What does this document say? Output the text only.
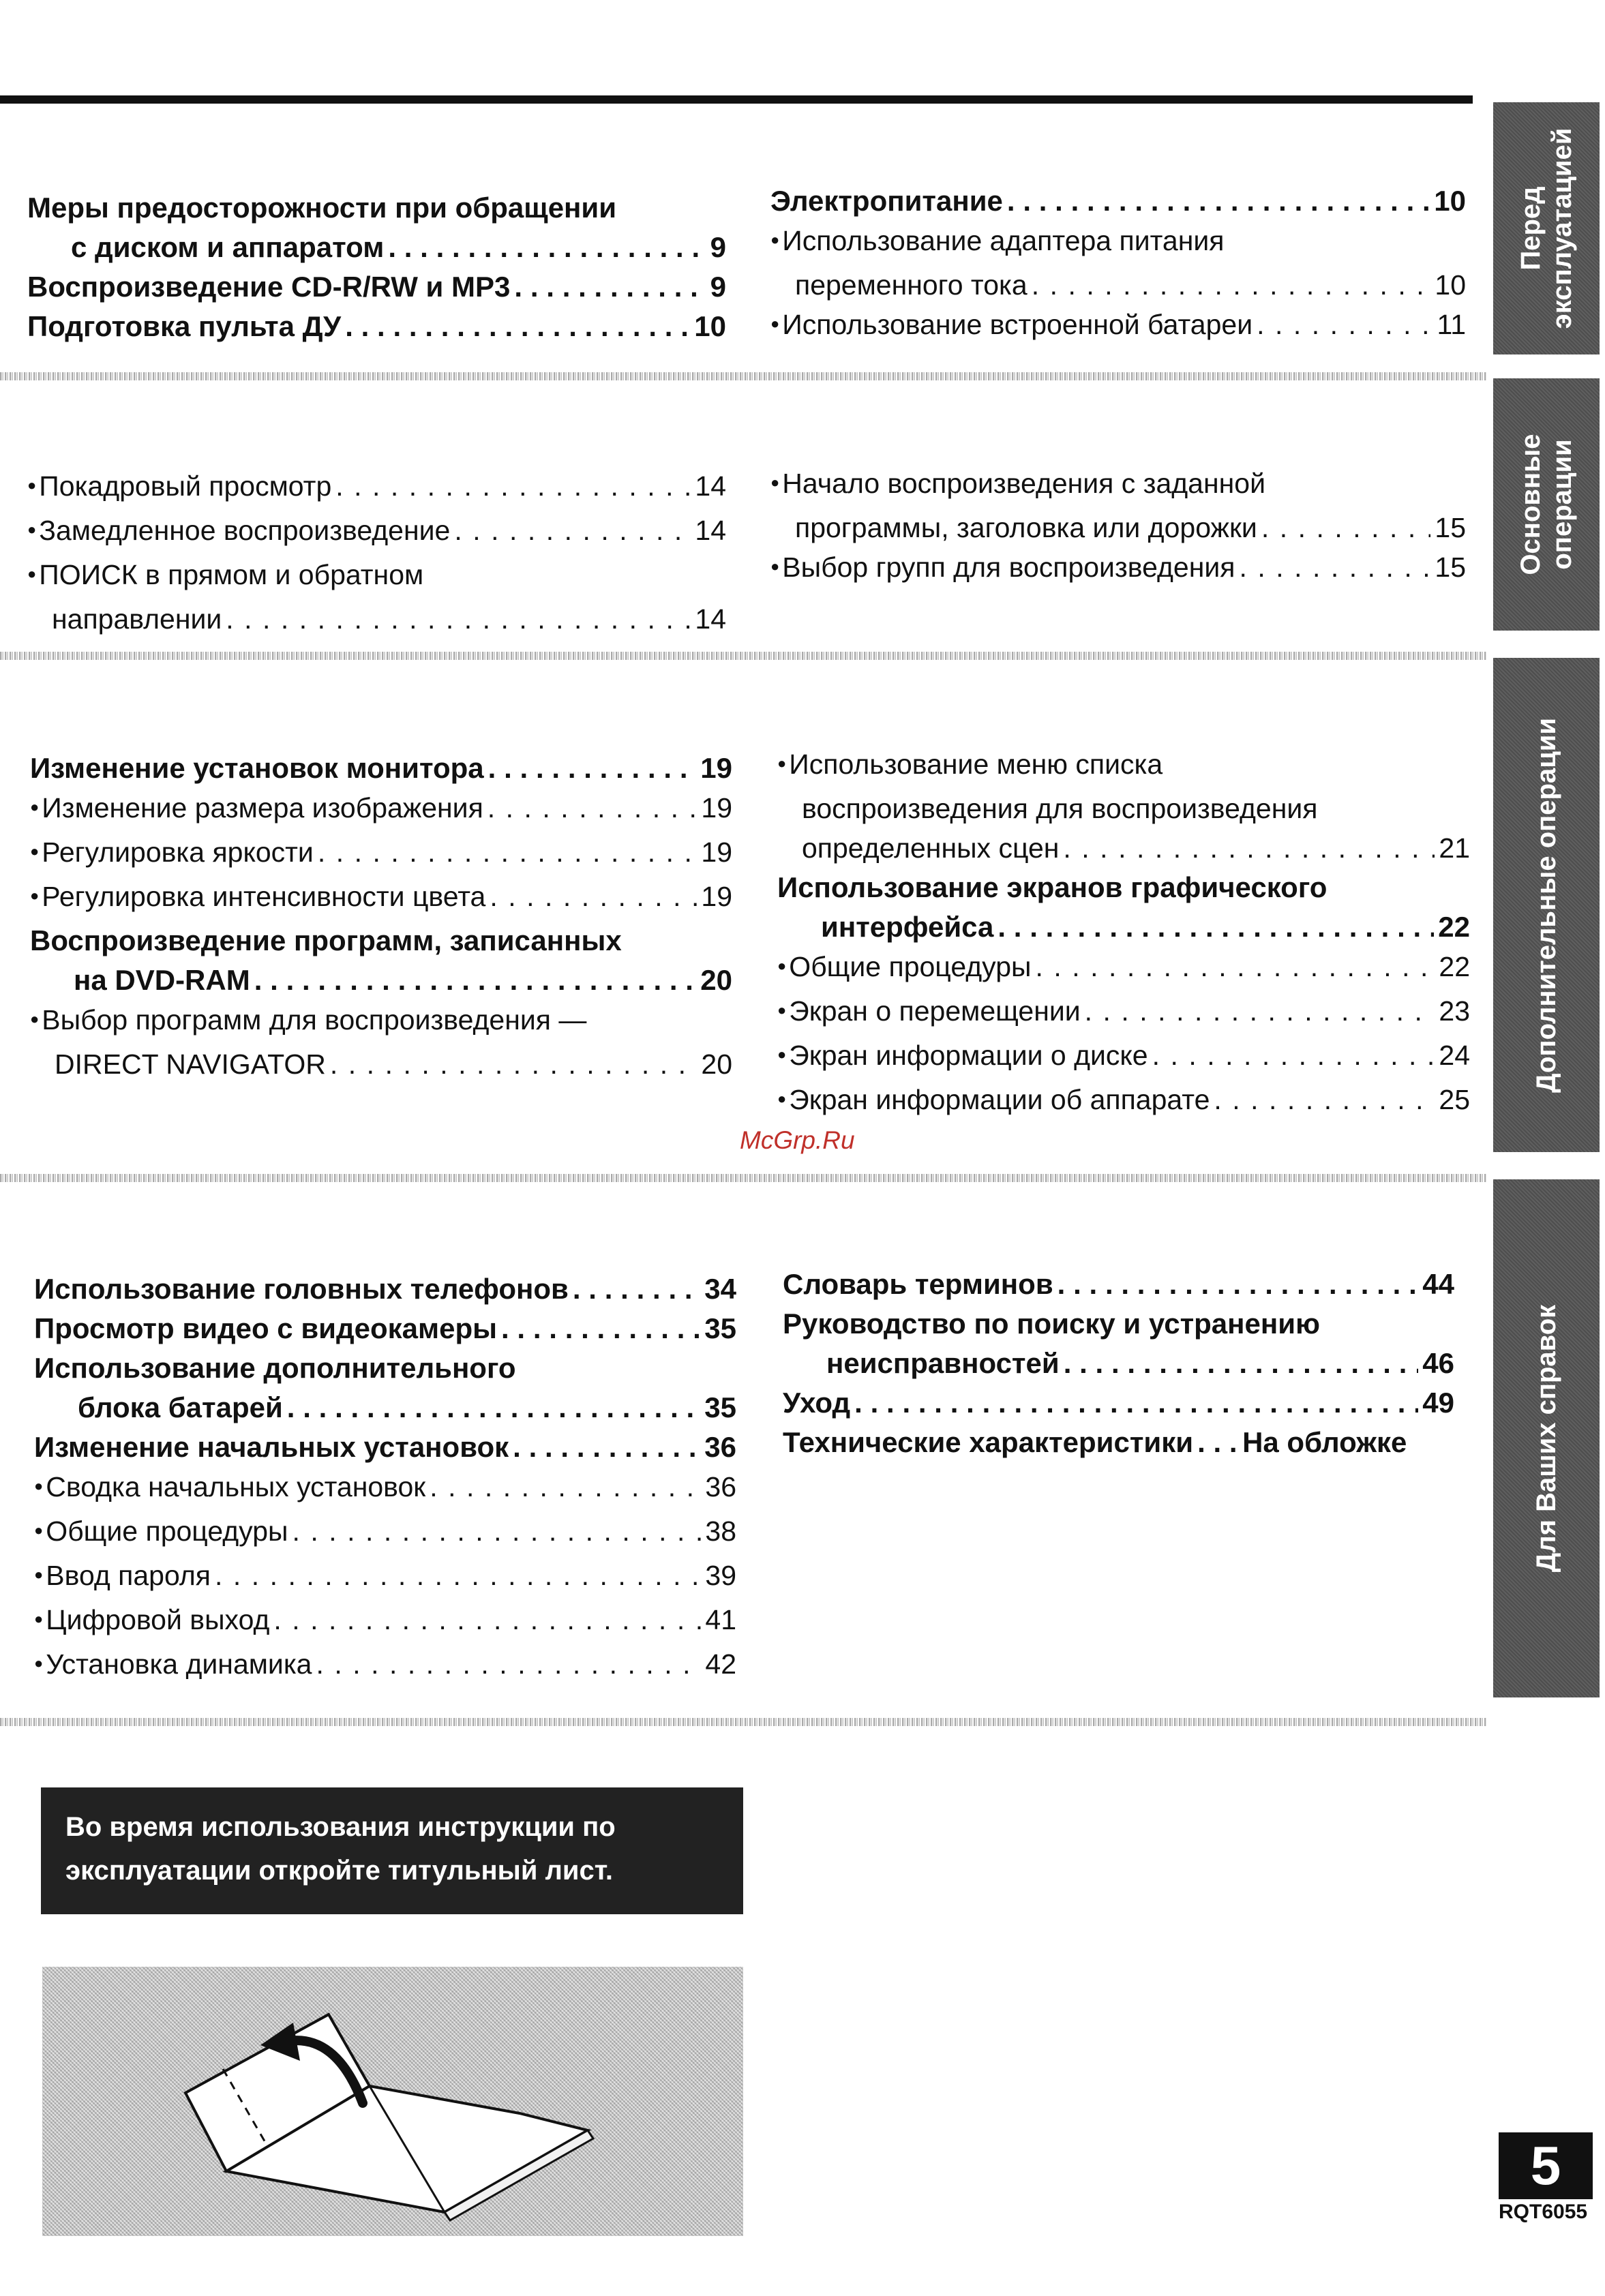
Перед эксплуатацией
Основные операции
Дополнительные операции
Для Ваших справок
Меры предосторожности при обращении
с диском и аппаратом .....	9
Воспроизведение CD-R/RW и MP3 .....	9
Подготовка пульта ДУ .....	10
Электропитание .....	10
● Использование адаптера питания
переменного тока . . .	10
● Использование встроенной батареи . . .	11
● Покадровый просмотр . . .	14
● Замедленное воспроизведение . . .	14
● ПОИСК в прямом и обратном
направлении . . .	14
● Начало воспроизведения с заданной
программы, заголовка или дорожки . . .	15
● Выбор групп для воспроизведения . . .	15
Изменение установок монитора .....	19
● Изменение размера изображения . . .	19
● Регулировка яркости . . .	19
● Регулировка интенсивности цвета . . .	19
Воспроизведение программ, записанных
на DVD-RAM .....	20
● Выбор программ для воспроизведения —
DIRECT NAVIGATOR . . .	20
● Использование меню списка
воспроизведения для воспроизведения
определенных сцен . . .	21
Использование экранов графического
интерфейса .....	22
● Общие процедуры . . .	22
● Экран о перемещении . . .	23
● Экран информации о диске . . .	24
● Экран информации об аппарате . . .	25
McGrp.Ru
Использование головных телефонов .....	34
Просмотр видео с видеокамеры .....	35
Использование дополнительного
блока батарей .....	35
Изменение начальных установок .....	36
● Сводка начальных установок . . .	36
● Общие процедуры . . .	38
● Ввод пароля . . .	39
● Цифровой выход . . .	41
● Установка динамика . . .	42
Словарь терминов .....	44
Руководство по поиску и устранению
неисправностей .....	46
Уход .....	49
Технические характеристики ..... На обложке
Во время использования инструкции по
эксплуатации откройте титульный лист.
5
RQT6055
